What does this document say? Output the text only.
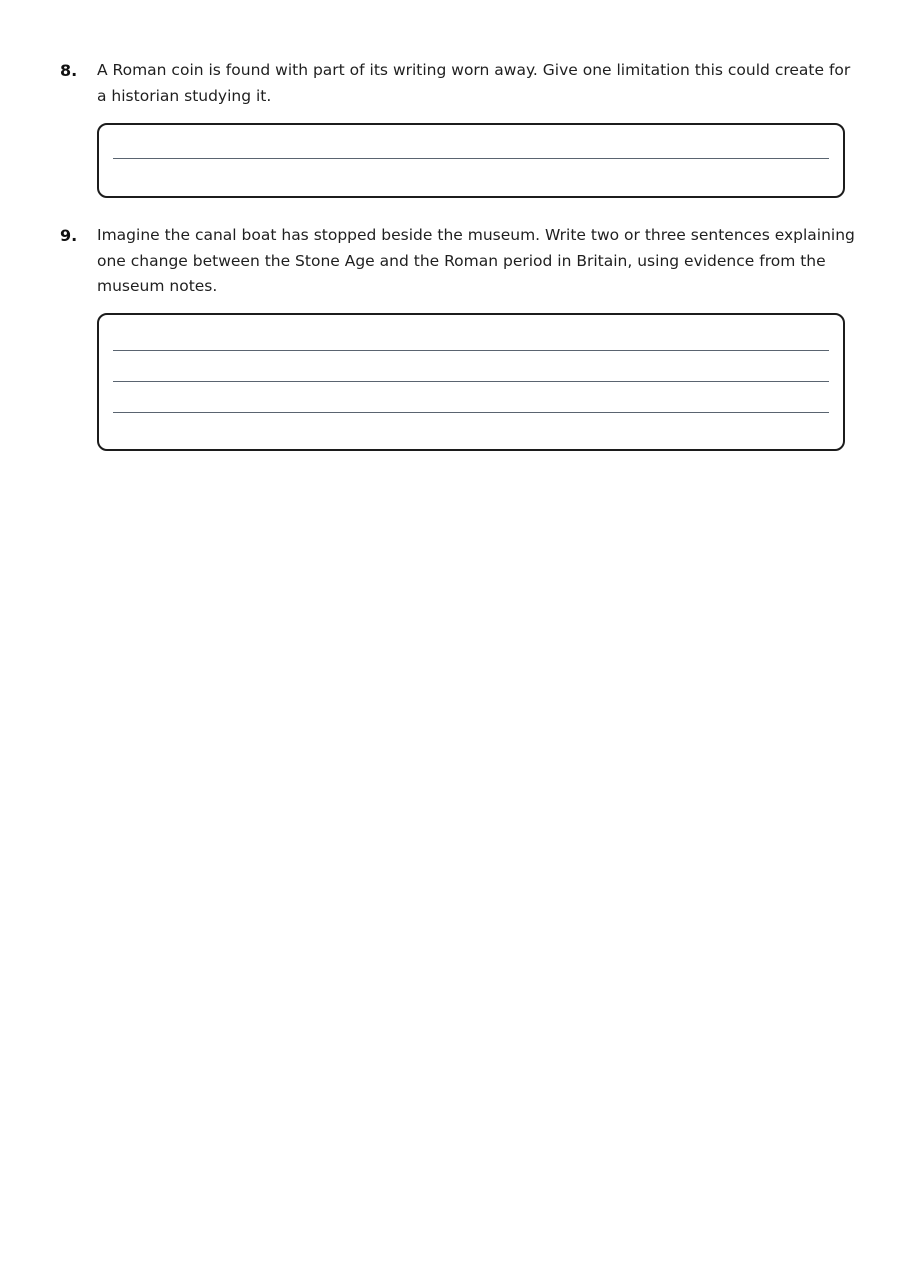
8.	A Roman coin is found with part of its writing worn away. Give one limitation this could create for a historian studying it.
9.	Imagine the canal boat has stopped beside the museum. Write two or three sentences explaining one change between the Stone Age and the Roman period in Britain, using evidence from the museum notes.
